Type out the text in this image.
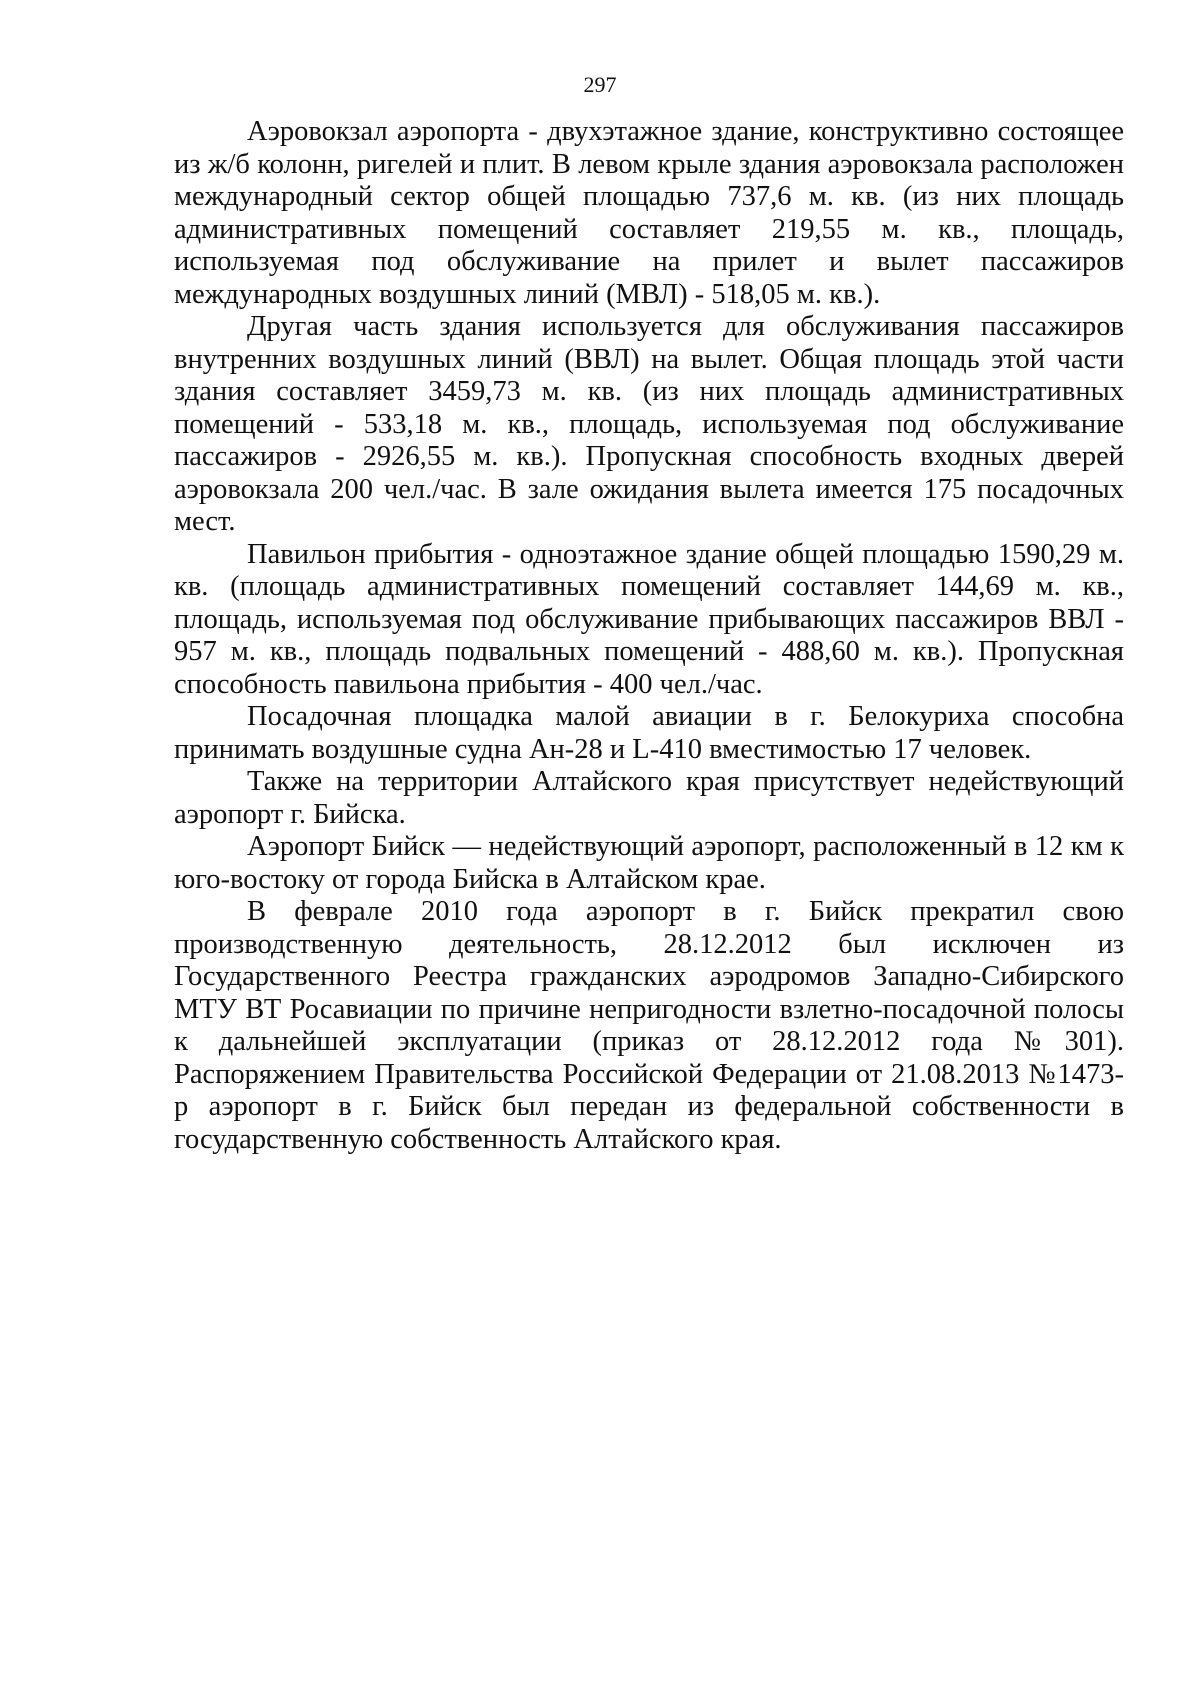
297

Аэровокзал аэропорта - двухэтажное здание, конструктивно состоящее из ж/б колонн, ригелей и плит. В левом крыле здания аэровокзала расположен международный сектор общей площадью 737,6 м. кв. (из них площадь административных помещений составляет 219,55 м. кв., площадь, используемая под обслуживание на прилет и вылет пассажиров международных воздушных линий (МВЛ) - 518,05 м. кв.).

Другая часть здания используется для обслуживания пассажиров внутренних воздушных линий (ВВЛ) на вылет. Общая площадь этой части здания составляет 3459,73 м. кв. (из них площадь административных помещений - 533,18 м. кв., площадь, используемая под обслуживание пассажиров - 2926,55 м. кв.). Пропускная способность входных дверей аэровокзала 200 чел./час. В зале ожидания вылета имеется 175 посадочных мест.

Павильон прибытия - одноэтажное здание общей площадью 1590,29 м. кв. (площадь административных помещений составляет 144,69 м. кв., площадь, используемая под обслуживание прибывающих пассажиров ВВЛ - 957 м. кв., площадь подвальных помещений - 488,60 м. кв.). Пропускная способность павильона прибытия - 400 чел./час.

Посадочная площадка малой авиации в г. Белокуриха способна принимать воздушные судна Ан-28 и L-410 вместимостью 17 человек.

Также на территории Алтайского края присутствует недействующий аэропорт г. Бийска.

Аэропорт Бийск — недействующий аэропорт, расположенный в 12 км к юго-востоку от города Бийска в Алтайском крае.

В феврале 2010 года аэропорт в г. Бийск прекратил свою производственную деятельность, 28.12.2012 был исключен из Государственного Реестра гражданских аэродромов Западно-Сибирского МТУ ВТ Росавиации по причине непригодности взлетно-посадочной полосы к дальнейшей эксплуатации (приказ от 28.12.2012 года №301). Распоряжением Правительства Российской Федерации от 21.08.2013 №1473-р аэропорт в г. Бийск был передан из федеральной собственности в государственную собственность Алтайского края.
